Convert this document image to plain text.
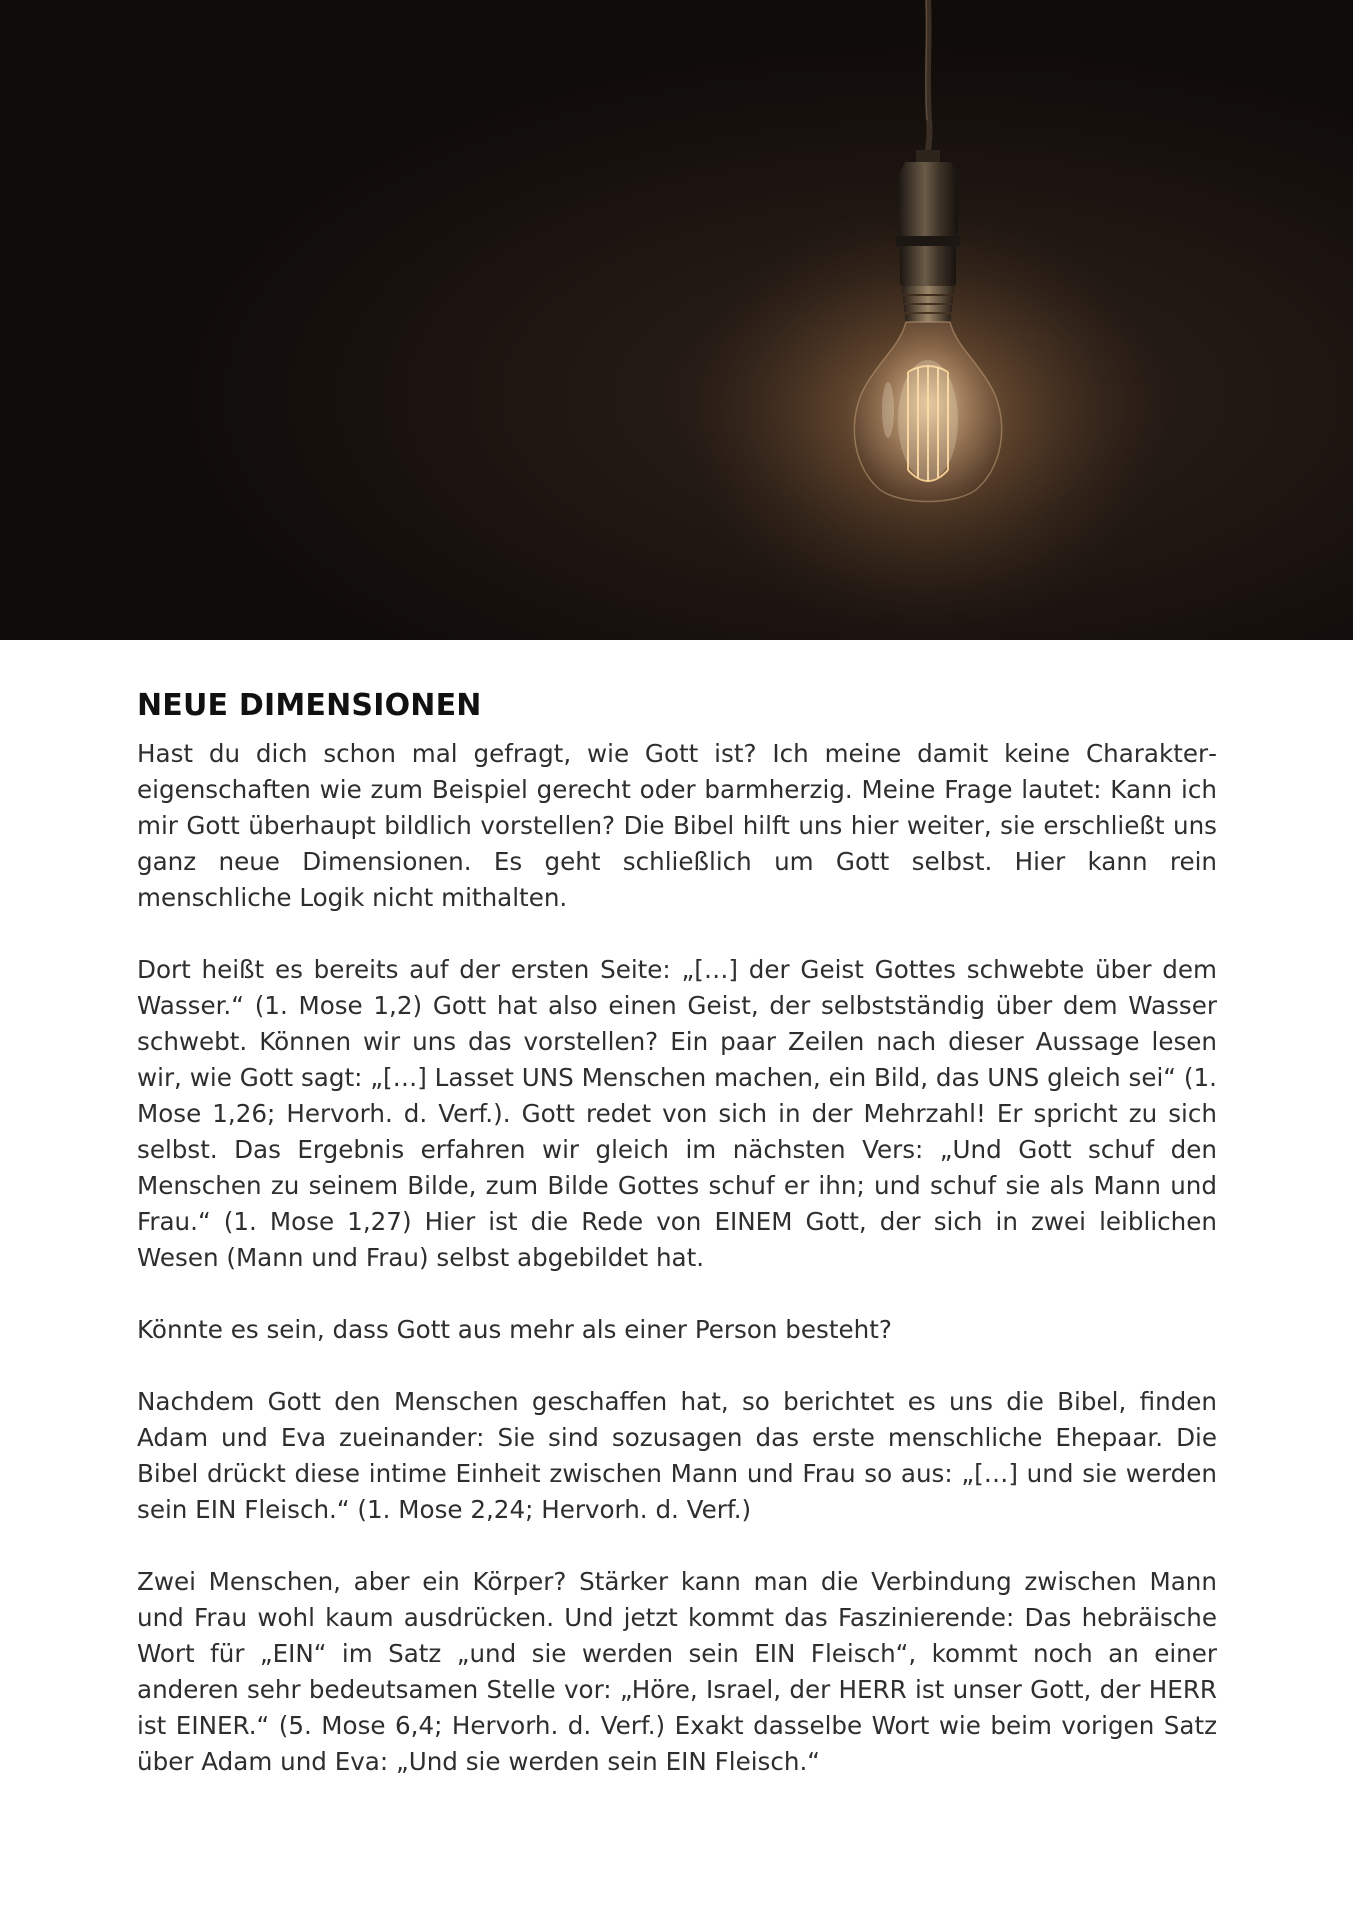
NEUE DIMENSIONEN

Hast du dich schon mal gefragt, wie Gott ist? Ich meine damit keine Charaktereigenschaften wie zum Beispiel gerecht oder barmherzig. Meine Frage lautet: Kann ich mir Gott überhaupt bildlich vorstellen? Die Bibel hilft uns hier weiter, sie erschließt uns ganz neue Dimensionen. Es geht schließlich um Gott selbst. Hier kann rein menschliche Logik nicht mithalten.

Dort heißt es bereits auf der ersten Seite: „[…] der Geist Gottes schwebte über dem Wasser.“ (1. Mose 1,2) Gott hat also einen Geist, der selbstständig über dem Wasser schwebt. Können wir uns das vorstellen? Ein paar Zeilen nach dieser Aussage lesen wir, wie Gott sagt: „[…] Lasset UNS Menschen machen, ein Bild, das UNS gleich sei“ (1. Mose 1,26; Hervorh. d. Verf.). Gott redet von sich in der Mehrzahl! Er spricht zu sich selbst. Das Ergebnis erfahren wir gleich im nächsten Vers: „Und Gott schuf den Menschen zu seinem Bilde, zum Bilde Gottes schuf er ihn; und schuf sie als Mann und Frau.“ (1. Mose 1,27) Hier ist die Rede von EINEM Gott, der sich in zwei leiblichen Wesen (Mann und Frau) selbst abgebildet hat.

Könnte es sein, dass Gott aus mehr als einer Person besteht?

Nachdem Gott den Menschen geschaffen hat, so berichtet es uns die Bibel, finden Adam und Eva zueinander: Sie sind sozusagen das erste menschliche Ehepaar. Die Bibel drückt diese intime Einheit zwischen Mann und Frau so aus: „[…] und sie werden sein EIN Fleisch.“ (1. Mose 2,24; Hervorh. d. Verf.)

Zwei Menschen, aber ein Körper? Stärker kann man die Verbindung zwischen Mann und Frau wohl kaum ausdrücken. Und jetzt kommt das Faszinierende: Das hebräische Wort für „EIN“ im Satz „und sie werden sein EIN Fleisch“, kommt noch an einer anderen sehr bedeutsamen Stelle vor: „Höre, Israel, der HERR ist unser Gott, der HERR ist EINER.“ (5. Mose 6,4; Hervorh. d. Verf.) Exakt dasselbe Wort wie beim vorigen Satz über Adam und Eva: „Und sie werden sein EIN Fleisch.“
